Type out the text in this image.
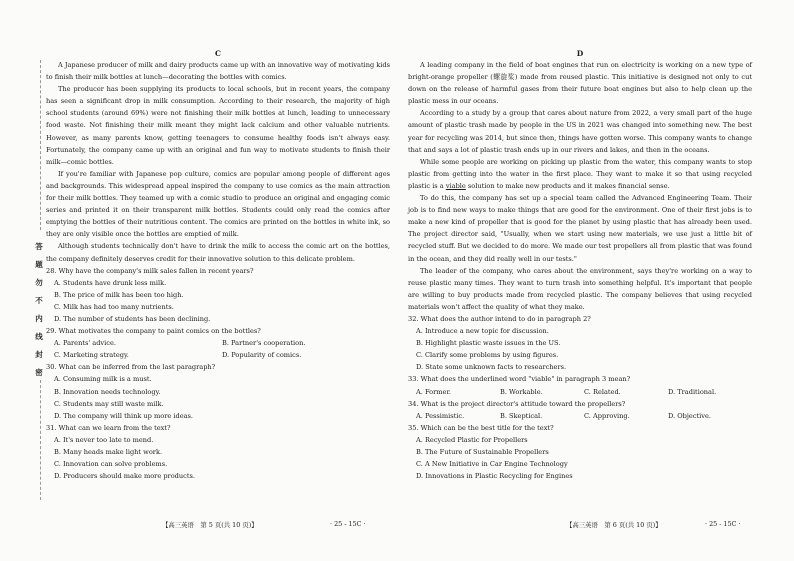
答 题 勿 不 内 线 封 密
C

A Japanese producer of milk and dairy products came up with an innovative way of motivating kids to finish their milk bottles at lunch—decorating the bottles with comics.

The producer has been supplying its products to local schools, but in recent years, the company has seen a significant drop in milk consumption. According to their research, the majority of high school students (around 69%) were not finishing their milk bottles at lunch, leading to unnecessary food waste. Not finishing their milk meant they might lack calcium and other valuable nutrients. However, as many parents know, getting teenagers to consume healthy foods isn't always easy. Fortunately, the company came up with an original and fun way to motivate students to finish their milk—comic bottles.

If you're familiar with Japanese pop culture, comics are popular among people of different ages and backgrounds. This widespread appeal inspired the company to use comics as the main attraction for their milk bottles. They teamed up with a comic studio to produce an original and engaging comic series and printed it on their transparent milk bottles. Students could only read the comics after emptying the bottles of their nutritious content. The comics are printed on the bottles in white ink, so they are only visible once the bottles are emptied of milk.

Although students technically don't have to drink the milk to access the comic art on the bottles, the company definitely deserves credit for their innovative solution to this delicate problem.

28. Why have the company's milk sales fallen in recent years?
A. Students have drunk less milk.
B. The price of milk has been too high.
C. Milk has had too many nutrients.
D. The number of students has been declining.
29. What motivates the company to paint comics on the bottles?
A. Parents' advice.	B. Partner's cooperation.
C. Marketing strategy.	D. Popularity of comics.
30. What can be inferred from the last paragraph?
A. Consuming milk is a must.
B. Innovation needs technology.
C. Students may still waste milk.
D. The company will think up more ideas.
31. What can we learn from the text?
A. It's never too late to mend.
B. Many heads make light work.
C. Innovation can solve problems.
D. Producers should make more products.
D

A leading company in the field of boat engines that run on electricity is working on a new type of bright-orange propeller (螺旋桨) made from reused plastic. This initiative is designed not only to cut down on the release of harmful gases from their future boat engines but also to help clean up the plastic mess in our oceans.

According to a study by a group that cares about nature from 2022, a very small part of the huge amount of plastic trash made by people in the US in 2021 was changed into something new. The best year for recycling was 2014, but since then, things have gotten worse. This company wants to change that and says a lot of plastic trash ends up in our rivers and lakes, and then in the oceans.

While some people are working on picking up plastic from the water, this company wants to stop plastic from getting into the water in the first place. They want to make it so that using recycled plastic is a viable solution to make new products and it makes financial sense.

To do this, the company has set up a special team called the Advanced Engineering Team. Their job is to find new ways to make things that are good for the environment. One of their first jobs is to make a new kind of propeller that is good for the planet by using plastic that has already been used. The project director said, "Usually, when we start using new materials, we use just a little bit of recycled stuff. But we decided to do more. We made our test propellers all from plastic that was found in the ocean, and they did really well in our tests."

The leader of the company, who cares about the environment, says they're working on a way to reuse plastic many times. They want to turn trash into something helpful. It's important that people are willing to buy products made from recycled plastic. The company believes that using recycled materials won't affect the quality of what they make.

32. What does the author intend to do in paragraph 2?
A. Introduce a new topic for discussion.
B. Highlight plastic waste issues in the US.
C. Clarify some problems by using figures.
D. State some unknown facts to researchers.
33. What does the underlined word "viable" in paragraph 3 mean?
A. Former.	B. Workable.	C. Related.	D. Traditional.
34. What is the project director's attitude toward the propellers?
A. Pessimistic.	B. Skeptical.	C. Approving.	D. Objective.
35. Which can be the best title for the text?
A. Recycled Plastic for Propellers
B. The Future of Sustainable Propellers
C. A New Initiative in Car Engine Technology
D. Innovations in Plastic Recycling for Engines
【高三英语　第 5 页(共 10 页)】	· 25 - 15C ·	【高三英语　第 6 页(共 10 页)】	· 25 - 15C ·
